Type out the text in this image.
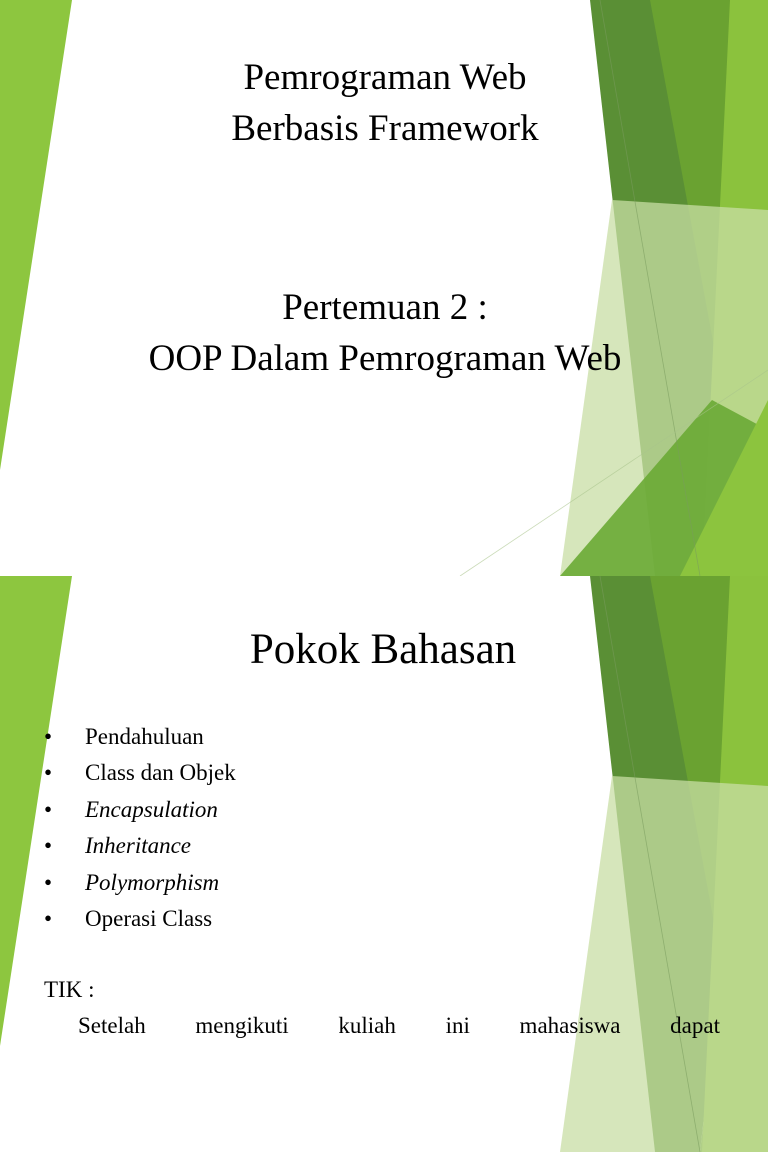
Pemrograman Web
Berbasis Framework
Pertemuan 2 :
OOP Dalam Pemrograman Web
Pokok Bahasan
• Pendahuluan
• Class dan Objek
• Encapsulation
• Inheritance
• Polymorphism
• Operasi Class
TIK :
Setelah mengikuti kuliah ini mahasiswa dapat
